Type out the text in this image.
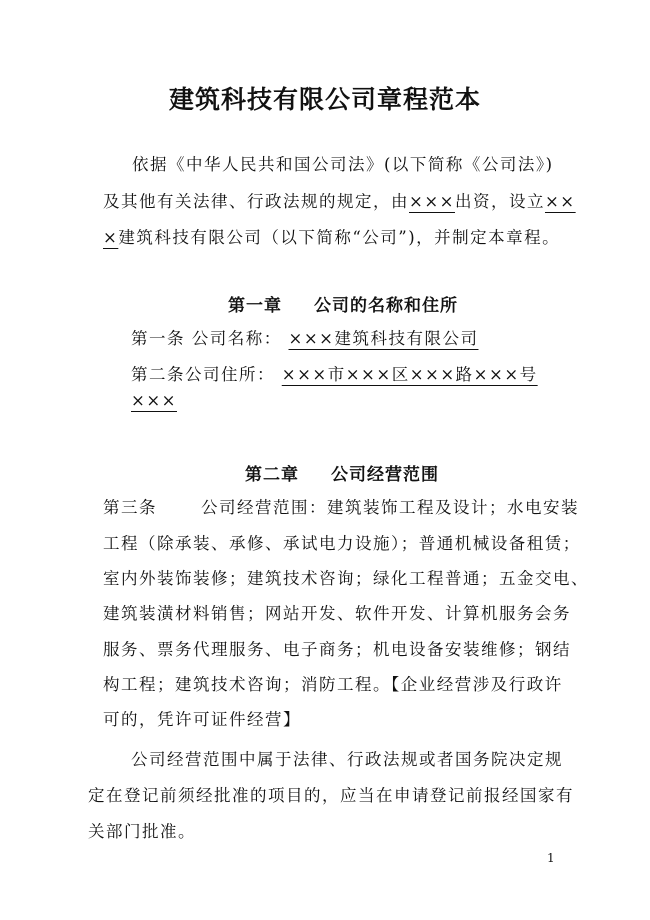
建筑科技有限公司章程范本
依据《中华人民共和国公司法》(以下简称《公司法》)
及其他有关法律、行政法规的规定，由×××出资，设立××
×建筑科技有限公司（以下简称“公司”)，并制定本章程。
第一章 公司的名称和住所
第一条 公司名称： ×××建筑科技有限公司
第二条公司住所： ×××市×××区×××路×××号
×××
第二章 公司经营范围
第三条	公司经营范围：建筑装饰工程及设计；水电安装
工程（除承装、承修、承试电力设施）；普通机械设备租赁；
室内外装饰装修；建筑技术咨询；绿化工程普通；五金交电、
建筑装潢材料销售；网站开发、软件开发、计算机服务会务
服务、票务代理服务、电子商务；机电设备安装维修；钢结
构工程；建筑技术咨询；消防工程。【企业经营涉及行政许
可的，凭许可证件经营】
公司经营范围中属于法律、行政法规或者国务院决定规
定在登记前须经批准的项目的，应当在申请登记前报经国家有
关部门批准。
1
